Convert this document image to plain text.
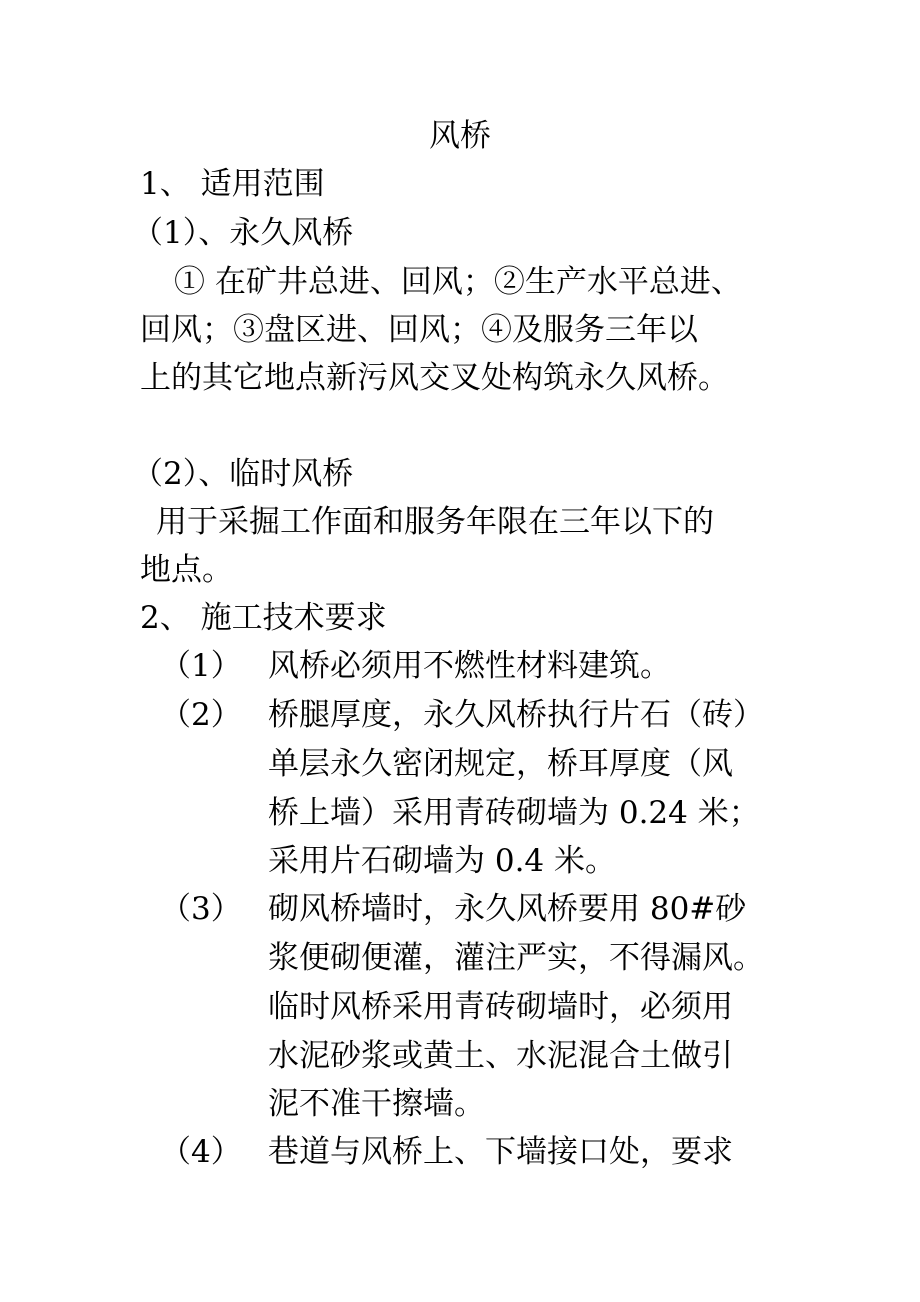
风桥
1、 适用范围
（1）、永久风桥
① 在矿井总进、回风；②生产水平总进、
回风；③盘区进、回风；④及服务三年以
上的其它地点新污风交叉处构筑永久风桥。
（2）、临时风桥
用于采掘工作面和服务年限在三年以下的
地点。
2、 施工技术要求
（1） 风桥必须用不燃性材料建筑。
（2） 桥腿厚度，永久风桥执行片石（砖）
单层永久密闭规定，桥耳厚度（风
桥上墙）采用青砖砌墙为 0.24 米；
采用片石砌墙为 0.4 米。
（3） 砌风桥墙时，永久风桥要用 80#砂
浆便砌便灌，灌注严实，不得漏风。
临时风桥采用青砖砌墙时，必须用
水泥砂浆或黄土、水泥混合土做引
泥不准干擦墙。
（4） 巷道与风桥上、下墙接口处，要求
